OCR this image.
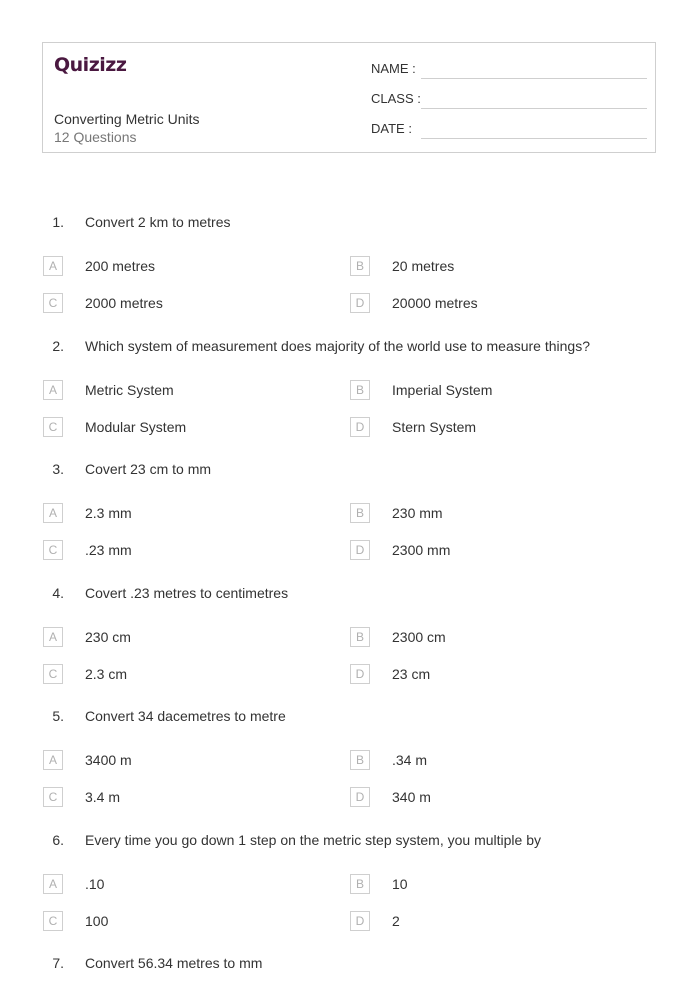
Quizizz
Converting Metric Units
12 Questions
NAME :
CLASS :
DATE :
1. Convert 2 km to metres
A	200 metres	B	20 metres
C	2000 metres	D	20000 metres
2. Which system of measurement does majority of the world use to measure things?
A	Metric System	B	Imperial System
C	Modular System	D	Stern System
3. Covert 23 cm to mm
A	2.3 mm	B	230 mm
C	.23 mm	D	2300 mm
4. Covert .23 metres to centimetres
A	230 cm	B	2300 cm
C	2.3 cm	D	23 cm
5. Convert 34 dacemetres to metre
A	3400 m	B	.34 m
C	3.4 m	D	340 m
6. Every time you go down 1 step on the metric step system, you multiple by
A	.10	B	10
C	100	D	2
7. Convert 56.34 metres to mm
